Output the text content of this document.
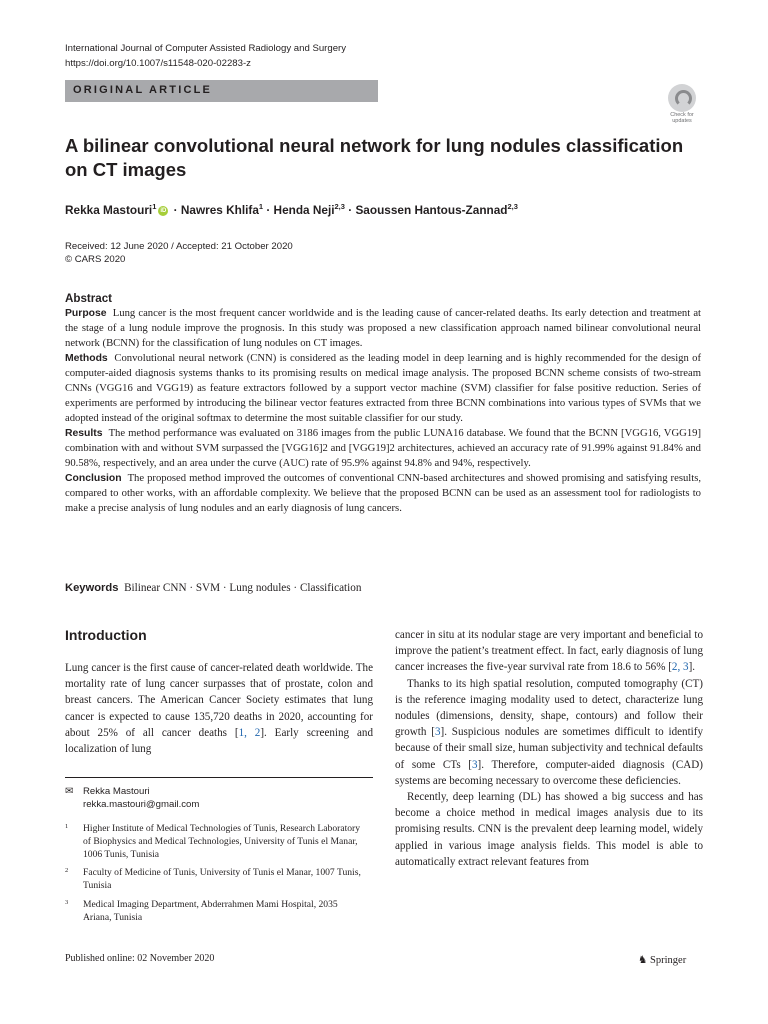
International Journal of Computer Assisted Radiology and Surgery
https://doi.org/10.1007/s11548-020-02283-z
ORIGINAL ARTICLE
Check for updates
A bilinear convolutional neural network for lung nodules classification on CT images
Rekka Mastouri$^1$ iD · Nawres Khlifa$^1$ · Henda Neji$^{2,3}$ · Saoussen Hantous-Zannad$^{2,3}$
Received: 12 June 2020 / Accepted: 21 October 2020
© CARS 2020
Abstract

Purpose Lung cancer is the most frequent cancer worldwide and is the leading cause of cancer-related deaths. Its early detection and treatment at the stage of a lung nodule improve the prognosis. In this study was proposed a new classification approach named bilinear convolutional neural network (BCNN) for the classification of lung nodules on CT images.

Methods Convolutional neural network (CNN) is considered as the leading model in deep learning and is highly recommended for the design of computer-aided diagnosis systems thanks to its promising results on medical image analysis. The proposed BCNN scheme consists of two-stream CNNs (VGG16 and VGG19) as feature extractors followed by a support vector machine (SVM) classifier for false positive reduction. Series of experiments are performed by introducing the bilinear vector features extracted from three BCNN combinations into various types of SVMs that we adopted instead of the original softmax to determine the most suitable classifier for our study.

Results The method performance was evaluated on 3186 images from the public LUNA16 database. We found that the BCNN [VGG16, VGG19] combination with and without SVM surpassed the [VGG16]2 and [VGG19]2 architectures, achieved an accuracy rate of 91.99% against 91.84% and 90.58%, respectively, and an area under the curve (AUC) rate of 95.9% against 94.8% and 94%, respectively.

Conclusion The proposed method improved the outcomes of conventional CNN-based architectures and showed promising and satisfying results, compared to other works, with an affordable complexity. We believe that the proposed BCNN can be used as an assessment tool for radiologists to make a precise analysis of lung nodules and an early diagnosis of lung cancers.

Keywords Bilinear CNN · SVM · Lung nodules · Classification
Introduction

Lung cancer is the first cause of cancer-related death worldwide. The mortality rate of lung cancer surpasses that of prostate, colon and breast cancers. The American Cancer Society estimates that lung cancer is expected to cause 135,720 deaths in 2020, accounting for about 25% of all cancer deaths [1, 2]. Early screening and localization of lung

✉ Rekka Mastouri
rekka.mastouri@gmail.com
1 Higher Institute of Medical Technologies of Tunis, Research Laboratory of Biophysics and Medical Technologies, University of Tunis el Manar, 1006 Tunis, Tunisia
2 Faculty of Medicine of Tunis, University of Tunis el Manar, 1007 Tunis, Tunisia
3 Medical Imaging Department, Abderrahmen Mami Hospital, 2035 Ariana, Tunisia

cancer in situ at its nodular stage are very important and beneficial to improve the patient’s treatment effect. In fact, early diagnosis of lung cancer increases the five-year survival rate from 18.6 to 56% [2, 3].

Thanks to its high spatial resolution, computed tomography (CT) is the reference imaging modality used to detect, characterize lung nodules (dimensions, density, shape, contours) and follow their growth [3]. Suspicious nodules are sometimes difficult to identify because of their small size, human subjectivity and technical defaults of some CTs [3]. Therefore, computer-aided diagnosis (CAD) systems are becoming necessary to overcome these deficiencies.

Recently, deep learning (DL) has showed a big success and has become a choice method in medical images analysis due to its promising results. CNN is the prevalent deep learning model, widely applied in various image analysis fields. This model is able to automatically extract relevant features from

Published online: 02 November 2020	♞ Springer
